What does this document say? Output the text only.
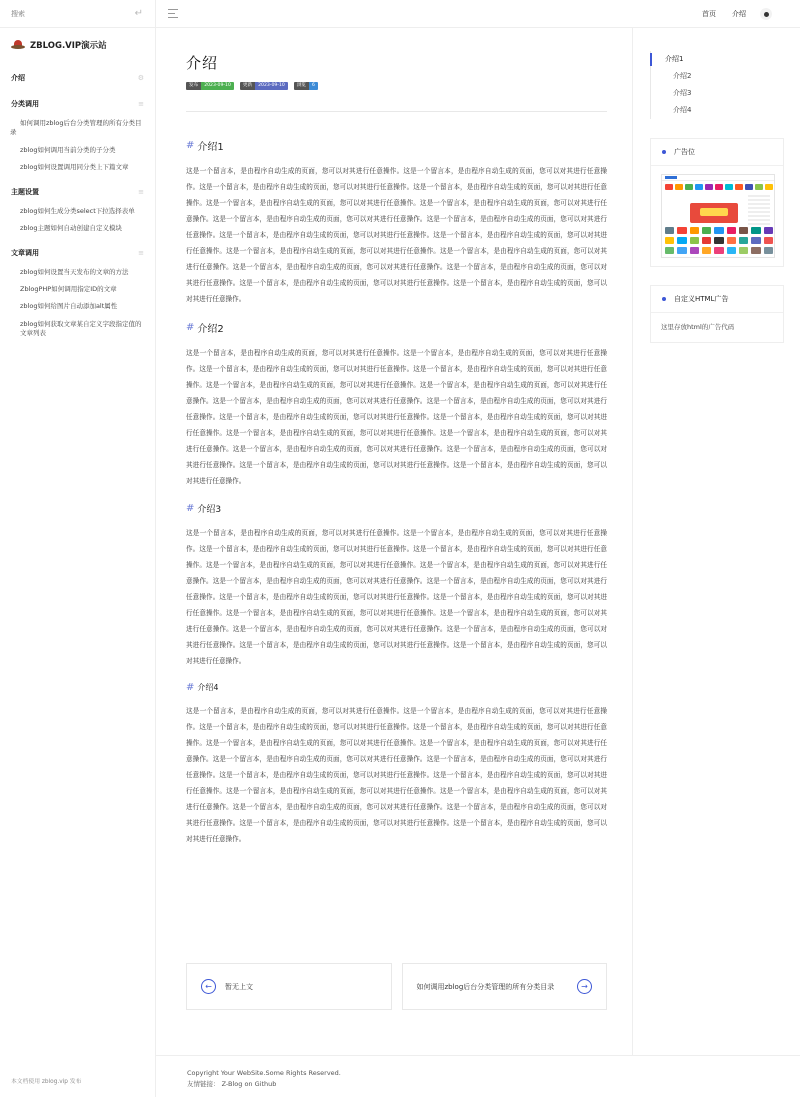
搜索
↵
ZBLOG.VIP演示站
介绍	⚙
分类调用	≡
如何调用zblog后台分类管理的所有分类目录
zblog如何调用当前分类的子分类
zblog如何设置调用同分类上下篇文章
主题设置	≡
zblog如何生成分类select下拉选择表单
zblog主题如何自动创建自定义模块
文章调用	≡
zblog如何设置当天发布的文章的方法
ZblogPHP如何调用指定ID的文章
zblog如何给图片自动添加alt属性
zblog如何获取文章某自定义字段指定值的文章列表
本文档使用 zblog.vip 发布
首页 介绍
介绍
发布	2023-09-10	更新	2023-09-10	浏览	6
# 介绍1

这是一个留言本，是由程序自动生成的页面，您可以对其进行任意操作。这是一个留言本，是由程序自动生成的页面，您可以对其进行任意操作。这是一个留言本，是由程序自动生成的页面，您可以对其进行任意操作。这是一个留言本，是由程序自动生成的页面，您可以对其进行任意操作。这是一个留言本，是由程序自动生成的页面，您可以对其进行任意操作。这是一个留言本，是由程序自动生成的页面，您可以对其进行任意操作。这是一个留言本，是由程序自动生成的页面，您可以对其进行任意操作。这是一个留言本，是由程序自动生成的页面，您可以对其进行任意操作。这是一个留言本，是由程序自动生成的页面，您可以对其进行任意操作。这是一个留言本，是由程序自动生成的页面，您可以对其进行任意操作。这是一个留言本，是由程序自动生成的页面，您可以对其进行任意操作。这是一个留言本，是由程序自动生成的页面，您可以对其进行任意操作。这是一个留言本，是由程序自动生成的页面，您可以对其进行任意操作。这是一个留言本，是由程序自动生成的页面，您可以对其进行任意操作。这是一个留言本，是由程序自动生成的页面，您可以对其进行任意操作。这是一个留言本，是由程序自动生成的页面，您可以对其进行任意操作。

# 介绍2

这是一个留言本，是由程序自动生成的页面，您可以对其进行任意操作。这是一个留言本，是由程序自动生成的页面，您可以对其进行任意操作。这是一个留言本，是由程序自动生成的页面，您可以对其进行任意操作。这是一个留言本，是由程序自动生成的页面，您可以对其进行任意操作。这是一个留言本，是由程序自动生成的页面，您可以对其进行任意操作。这是一个留言本，是由程序自动生成的页面，您可以对其进行任意操作。这是一个留言本，是由程序自动生成的页面，您可以对其进行任意操作。这是一个留言本，是由程序自动生成的页面，您可以对其进行任意操作。这是一个留言本，是由程序自动生成的页面，您可以对其进行任意操作。这是一个留言本，是由程序自动生成的页面，您可以对其进行任意操作。这是一个留言本，是由程序自动生成的页面，您可以对其进行任意操作。这是一个留言本，是由程序自动生成的页面，您可以对其进行任意操作。这是一个留言本，是由程序自动生成的页面，您可以对其进行任意操作。这是一个留言本，是由程序自动生成的页面，您可以对其进行任意操作。这是一个留言本，是由程序自动生成的页面，您可以对其进行任意操作。这是一个留言本，是由程序自动生成的页面，您可以对其进行任意操作。

# 介绍3

这是一个留言本，是由程序自动生成的页面，您可以对其进行任意操作。这是一个留言本，是由程序自动生成的页面，您可以对其进行任意操作。这是一个留言本，是由程序自动生成的页面，您可以对其进行任意操作。这是一个留言本，是由程序自动生成的页面，您可以对其进行任意操作。这是一个留言本，是由程序自动生成的页面，您可以对其进行任意操作。这是一个留言本，是由程序自动生成的页面，您可以对其进行任意操作。这是一个留言本，是由程序自动生成的页面，您可以对其进行任意操作。这是一个留言本，是由程序自动生成的页面，您可以对其进行任意操作。这是一个留言本，是由程序自动生成的页面，您可以对其进行任意操作。这是一个留言本，是由程序自动生成的页面，您可以对其进行任意操作。这是一个留言本，是由程序自动生成的页面，您可以对其进行任意操作。这是一个留言本，是由程序自动生成的页面，您可以对其进行任意操作。这是一个留言本，是由程序自动生成的页面，您可以对其进行任意操作。这是一个留言本，是由程序自动生成的页面，您可以对其进行任意操作。这是一个留言本，是由程序自动生成的页面，您可以对其进行任意操作。这是一个留言本，是由程序自动生成的页面，您可以对其进行任意操作。

# 介绍4

这是一个留言本，是由程序自动生成的页面，您可以对其进行任意操作。这是一个留言本，是由程序自动生成的页面，您可以对其进行任意操作。这是一个留言本，是由程序自动生成的页面，您可以对其进行任意操作。这是一个留言本，是由程序自动生成的页面，您可以对其进行任意操作。这是一个留言本，是由程序自动生成的页面，您可以对其进行任意操作。这是一个留言本，是由程序自动生成的页面，您可以对其进行任意操作。这是一个留言本，是由程序自动生成的页面，您可以对其进行任意操作。这是一个留言本，是由程序自动生成的页面，您可以对其进行任意操作。这是一个留言本，是由程序自动生成的页面，您可以对其进行任意操作。这是一个留言本，是由程序自动生成的页面，您可以对其进行任意操作。这是一个留言本，是由程序自动生成的页面，您可以对其进行任意操作。这是一个留言本，是由程序自动生成的页面，您可以对其进行任意操作。这是一个留言本，是由程序自动生成的页面，您可以对其进行任意操作。这是一个留言本，是由程序自动生成的页面，您可以对其进行任意操作。这是一个留言本，是由程序自动生成的页面，您可以对其进行任意操作。这是一个留言本，是由程序自动生成的页面，您可以对其进行任意操作。

←	暂无上文	如何调用zblog后台分类管理的所有分类目录	→
介绍1
介绍2
介绍3
介绍4
广告位
自定义HTML广告
这里存放html的广告代码
Copyright Your WebSite.Some Rights Reserved.
友情链接： Z-Blog on Github
